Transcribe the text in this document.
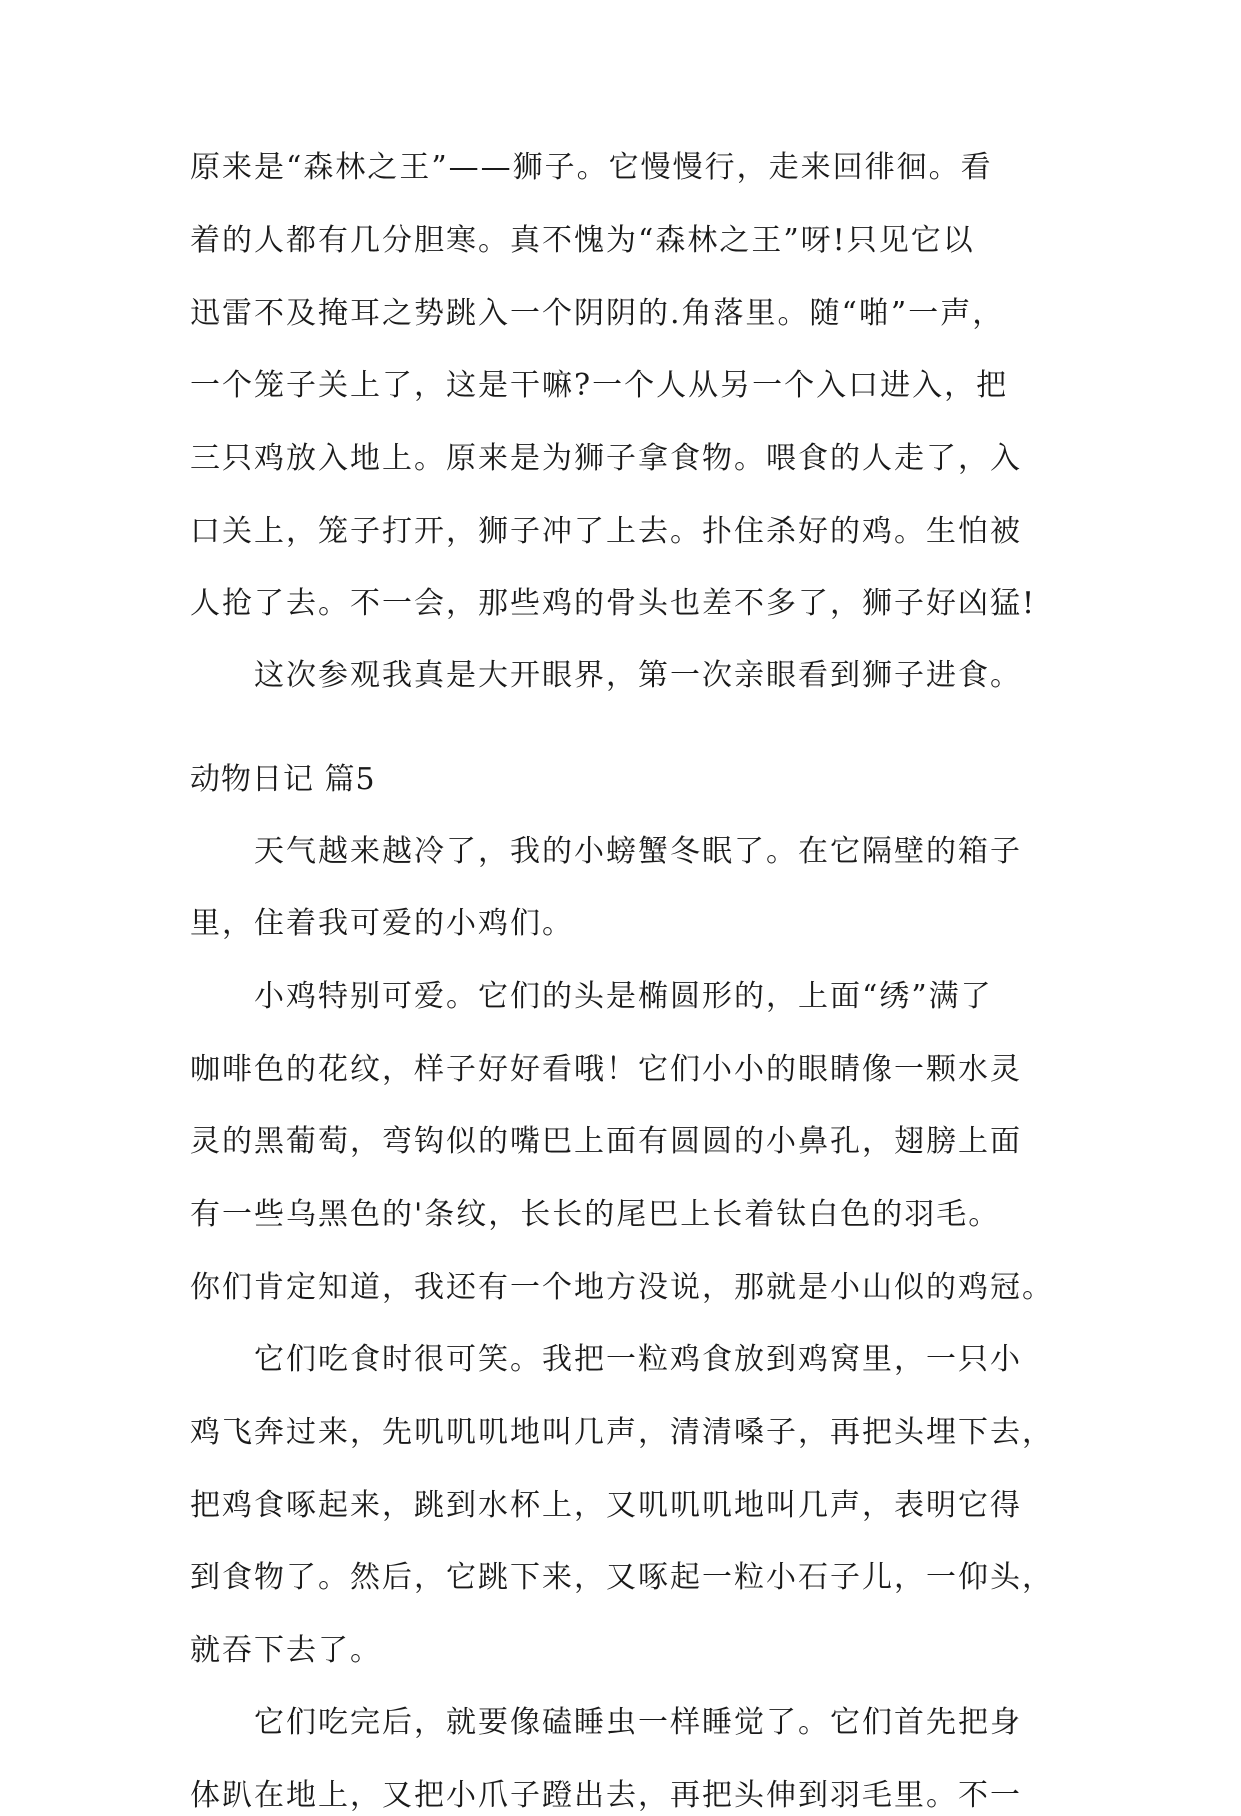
原来是“森林之王”——狮子。它慢慢行，走来回徘徊。看
着的人都有几分胆寒。真不愧为“森林之王”呀!只见它以
迅雷不及掩耳之势跳入一个阴阴的.角落里。随“啪”一声，
一个笼子关上了，这是干嘛?一个人从另一个入口进入，把
三只鸡放入地上。原来是为狮子拿食物。喂食的人走了，入
口关上，笼子打开，狮子冲了上去。扑住杀好的鸡。生怕被
人抢了去。不一会，那些鸡的骨头也差不多了，狮子好凶猛!
这次参观我真是大开眼界，第一次亲眼看到狮子进食。
动物日记 篇5
天气越来越冷了，我的小螃蟹冬眠了。在它隔壁的箱子
里，住着我可爱的小鸡们。
小鸡特别可爱。它们的头是椭圆形的，上面“绣”满了
咖啡色的花纹，样子好好看哦！它们小小的眼睛像一颗水灵
灵的黑葡萄，弯钩似的嘴巴上面有圆圆的小鼻孔，翅膀上面
有一些乌黑色的'条纹，长长的尾巴上长着钛白色的羽毛。
你们肯定知道，我还有一个地方没说，那就是小山似的鸡冠。
它们吃食时很可笑。我把一粒鸡食放到鸡窝里，一只小
鸡飞奔过来，先叽叽叽地叫几声，清清嗓子，再把头埋下去，
把鸡食啄起来，跳到水杯上，又叽叽叽地叫几声，表明它得
到食物了。然后，它跳下来，又啄起一粒小石子儿，一仰头，
就吞下去了。
它们吃完后，就要像磕睡虫一样睡觉了。它们首先把身
体趴在地上，又把小爪子蹬出去，再把头伸到羽毛里。不一
